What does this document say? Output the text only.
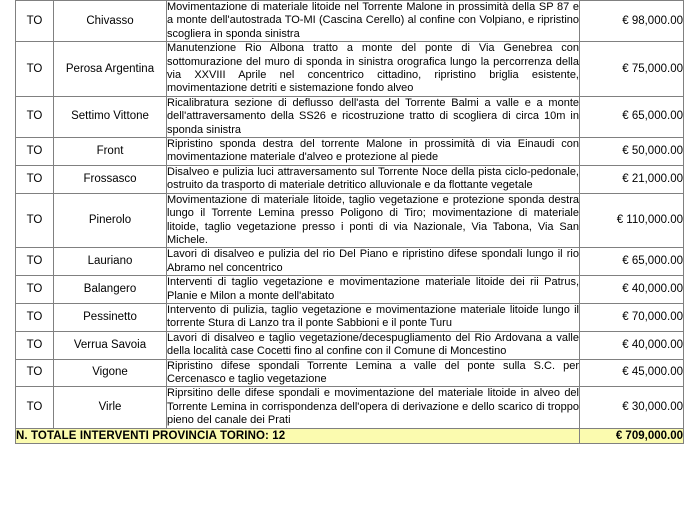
TO	Chivasso	Movimentazione di materiale litoide nel Torrente Malone in prossimità della SP 87 e a monte dell'autostrada TO-MI (Cascina Cerello) al confine con Volpiano, e ripristino scogliera in sponda sinistra	€ 98,000.00
TO	Perosa Argentina	Manutenzione Rio Albona tratto a monte del ponte di Via Genebrea con sottomurazione del muro di sponda in sinistra orografica lungo la percorrenza della via XXVIII Aprile nel concentrico cittadino, ripristino briglia esistente, movimentazione detriti e sistemazione fondo alveo	€ 75,000.00
TO	Settimo Vittone	Ricalibratura sezione di deflusso dell'asta del Torrente Balmi a valle e a monte dell'attraversamento della SS26 e ricostruzione tratto di scogliera di circa 10m in sponda sinistra	€ 65,000.00
TO	Front	Ripristino sponda destra del torrente Malone in prossimità di via Einaudi con movimentazione materiale d'alveo e protezione al piede	€ 50,000.00
TO	Frossasco	Disalveo e pulizia luci attraversamento sul Torrente Noce della pista ciclo-pedonale, ostruito da trasporto di materiale detritico alluvionale e da flottante vegetale	€ 21,000.00
TO	Pinerolo	Movimentazione di materiale litoide, taglio vegetazione e protezione sponda destra lungo il Torrente Lemina presso Poligono di Tiro; movimentazione di materiale litoide, taglio vegetazione presso i ponti di via Nazionale, Via Tabona, Via San Michele.	€ 110,000.00
TO	Lauriano	Lavori di disalveo e pulizia del rio Del Piano e ripristino difese spondali lungo il rio Abramo nel concentrico	€ 65,000.00
TO	Balangero	Interventi di taglio vegetazione e movimentazione materiale litoide dei rii Patrus, Planie e Milon a monte dell'abitato	€ 40,000.00
TO	Pessinetto	Intervento di pulizia, taglio vegetazione e movimentazione materiale litoide lungo il torrente Stura di Lanzo tra il ponte Sabbioni e il ponte Turu	€ 70,000.00
TO	Verrua Savoia	Lavori di disalveo e taglio vegetazione/decespugliamento del Rio Ardovana a valle della località case Cocetti fino al confine con il Comune di Moncestino	€ 40,000.00
TO	Vigone	Ripristino difese spondali Torrente Lemina a valle del ponte sulla S.C. per Cercenasco e taglio vegetazione	€ 45,000.00
TO	Virle	Riprsitino delle difese spondali e movimentazione del materiale litoide in alveo del Torrente Lemina in corrispondenza dell'opera di derivazione e dello scarico di troppo pieno del canale dei Prati	€ 30,000.00
N. TOTALE INTERVENTI PROVINCIA TORINO: 12			€ 709,000.00
